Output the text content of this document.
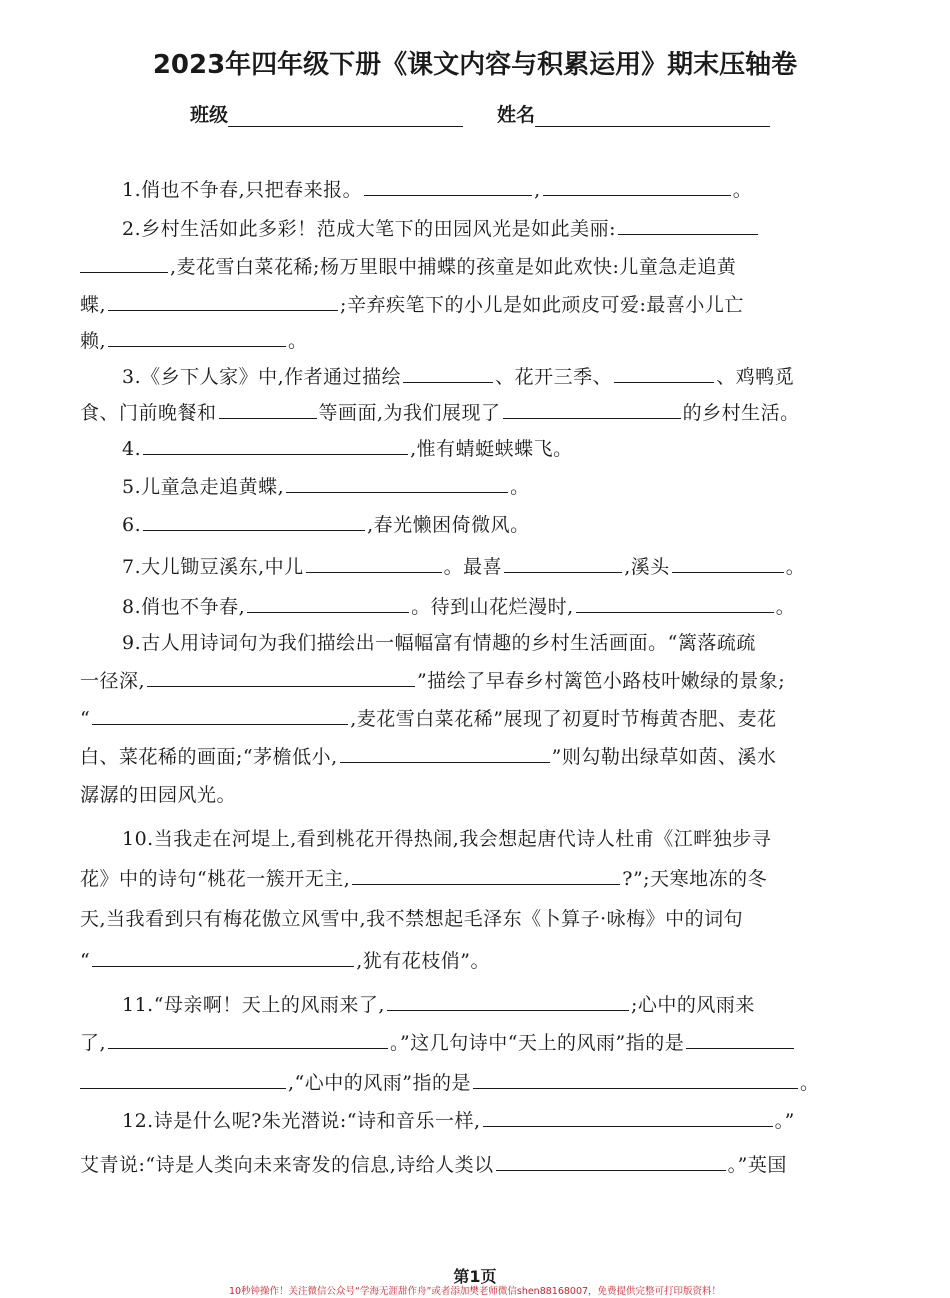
2023年四年级下册《课文内容与积累运用》期末压轴卷
班级	姓名
1.俏也不争春,只把春来报。	,	。
2.乡村生活如此多彩！范成大笔下的田园风光是如此美丽:
,麦花雪白菜花稀;杨万里眼中捕蝶的孩童是如此欢快:儿童急走追黄
蝶,	;辛弃疾笔下的小儿是如此顽皮可爱:最喜小儿亡
赖,	。
3.《乡下人家》中,作者通过描绘	、花开三季、	、鸡鸭觅
食、门前晚餐和	等画面,为我们展现了	的乡村生活。
4.	,惟有蜻蜓蛱蝶飞。
5.儿童急走追黄蝶,	。
6.	,春光懒困倚微风。
7.大儿锄豆溪东,中儿	。最喜	,溪头	。
8.俏也不争春,	。待到山花烂漫时,	。
9.古人用诗词句为我们描绘出一幅幅富有情趣的乡村生活画面。“篱落疏疏
一径深,	”描绘了早春乡村篱笆小路枝叶嫩绿的景象;
“	,麦花雪白菜花稀”展现了初夏时节梅黄杏肥、麦花
白、菜花稀的画面;“茅檐低小,	”则勾勒出绿草如茵、溪水
潺潺的田园风光。
10.当我走在河堤上,看到桃花开得热闹,我会想起唐代诗人杜甫《江畔独步寻
花》中的诗句“桃花一簇开无主,	?”;天寒地冻的冬
天,当我看到只有梅花傲立风雪中,我不禁想起毛泽东《卜算子·咏梅》中的词句
“	,犹有花枝俏”。
11.“母亲啊！天上的风雨来了,	;心中的风雨来
了,	。”这几句诗中“天上的风雨”指的是
,“心中的风雨”指的是	。
12.诗是什么呢?朱光潜说:“诗和音乐一样,	。”
艾青说:“诗是人类向未来寄发的信息,诗给人类以	。”英国
第1页
10秒钟操作！关注微信公众号“学海无涯甜作舟”或者添加樊老师微信shen88168007，免费提供完整可打印版资料！
